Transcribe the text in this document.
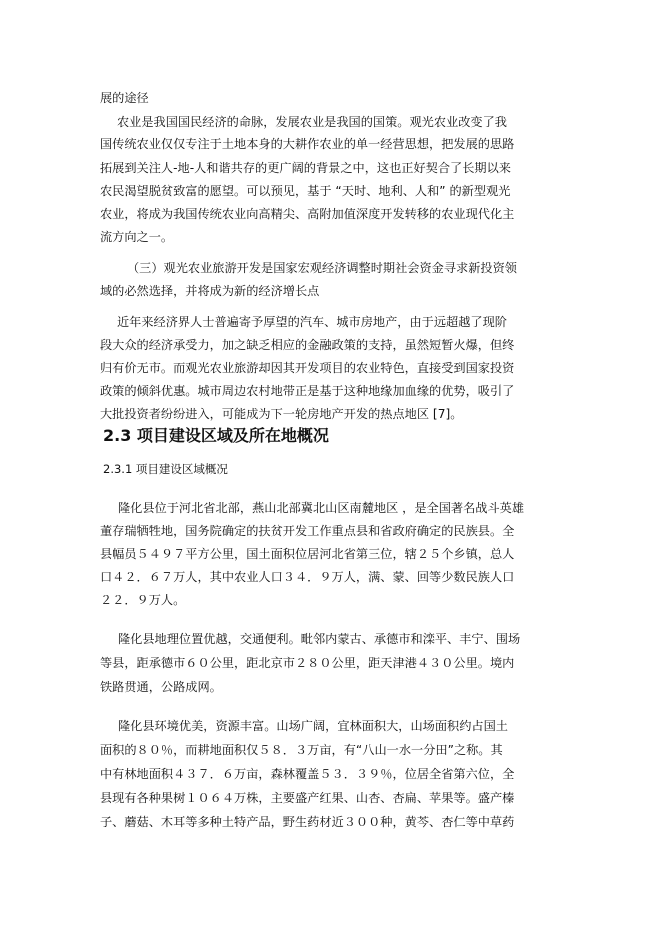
展的途径
农业是我国国民经济的命脉，发展农业是我国的国策。观光农业改变了我
国传统农业仅仅专注于土地本身的大耕作农业的单一经营思想，把发展的思路
拓展到关注人-地-人和谐共存的更广阔的背景之中，这也正好契合了长期以来
农民渴望脱贫致富的愿望。可以预见，基于 “天时、地利、人和” 的新型观光
农业，将成为我国传统农业向高精尖、高附加值深度开发转移的农业现代化主
流方向之一。
（三）观光农业旅游开发是国家宏观经济调整时期社会资金寻求新投资领
域的必然选择，并将成为新的经济增长点
近年来经济界人士普遍寄予厚望的汽车、城市房地产，由于远超越了现阶
段大众的经济承受力，加之缺乏相应的金融政策的支持，虽然短暂火爆，但终
归有价无市。而观光农业旅游却因其开发项目的农业特色，直接受到国家投资
政策的倾斜优惠。城市周边农村地带正是基于这种地缘加血缘的优势，吸引了
大批投资者纷纷进入，可能成为下一轮房地产开发的热点地区 [7]。
2.3 项目建设区域及所在地概况
2.3.1 项目建设区域概况
隆化县位于河北省北部，燕山北部冀北山区南麓地区 ，是全国著名战斗英雄
董存瑞牺牲地，国务院确定的扶贫开发工作重点县和省政府确定的民族县。全
县幅员５４９７平方公里，国土面积位居河北省第三位，辖２５个乡镇，总人
口４２．６７万人，其中农业人口３４．９万人，满、蒙、回等少数民族人口
２２．９万人。
隆化县地理位置优越，交通便利。毗邻内蒙古、承德市和滦平、丰宁、围场
等县，距承德市６０公里，距北京市２８０公里，距天津港４３０公里。境内
铁路贯通，公路成网。
隆化县环境优美，资源丰富。山场广阔，宜林面积大，山场面积约占国土
面积的８０％，而耕地面积仅５８．３万亩，有“八山一水一分田”之称。其
中有林地面积４３７．６万亩，森林覆盖５３．３９％，位居全省第六位，全
县现有各种果树１０６４万株，主要盛产红果、山杏、杏扁、苹果等。盛产榛
子、蘑菇、木耳等多种土特产品，野生药材近３００种，黄芩、杏仁等中草药
